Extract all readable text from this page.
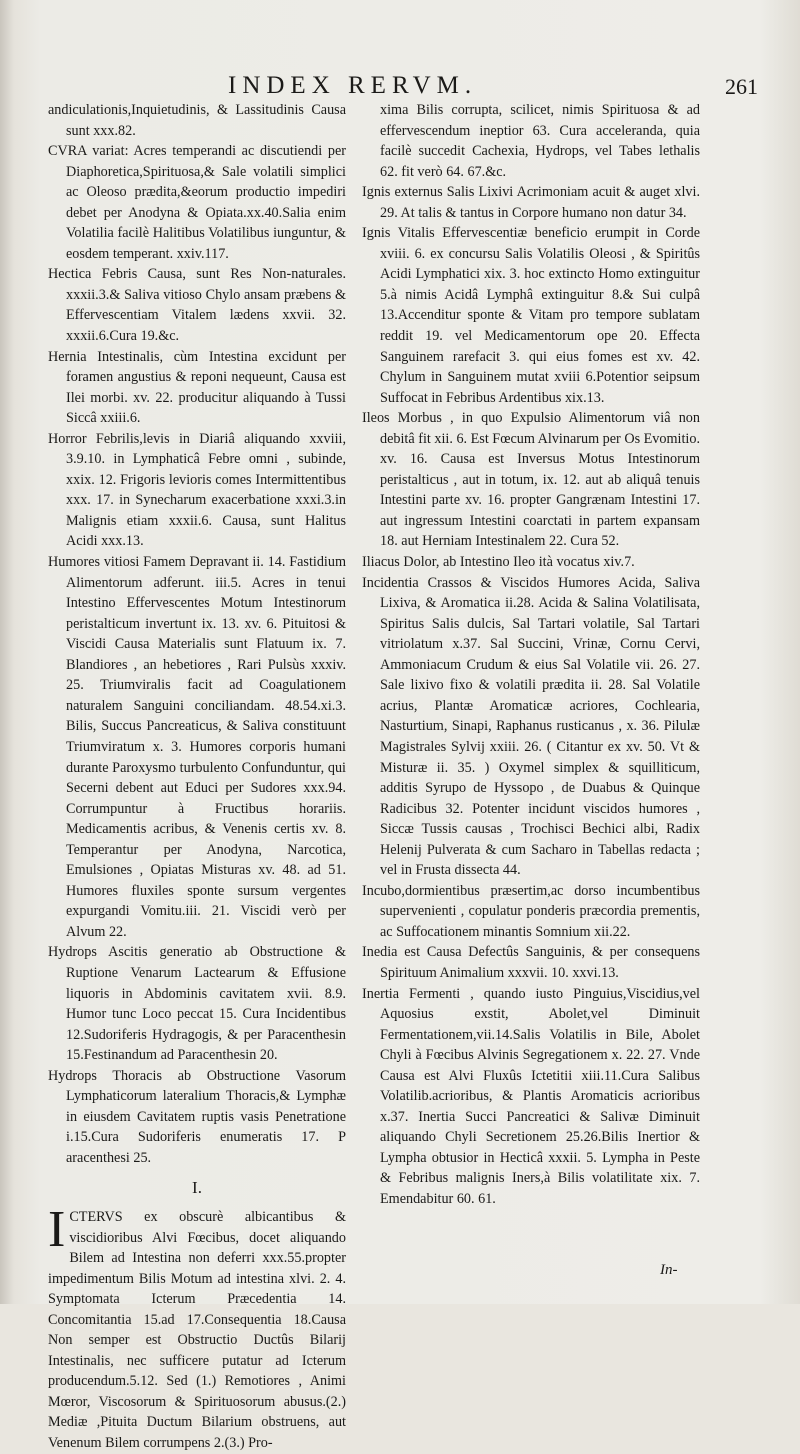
INDEX RERVM.	261

andiculationis,Inquietudinis, & Lassitudinis Causa sunt xxx.82.

CVRA variat: Acres temperandi ac discutiendi per Diaphoretica,Spirituosa,& Sale volatili simplici ac Oleoso prædita,&eorum productio impediri debet per Anodyna & Opiata.xx.40.Salia enim Volatilia facilè Halitibus Volatilibus iunguntur, & eosdem temperant. xxiv.117.

Hectica Febris Causa, sunt Res Non-naturales. xxxii.3.& Saliva vitioso Chylo ansam præbens & Effervescentiam Vitalem lædens xxvii. 32. xxxii.6.Cura 19.&c.

Hernia Intestinalis, cùm Intestina excidunt per foramen angustius & reponi nequeunt, Causa est Ilei morbi. xv. 22. producitur aliquando à Tussi Siccâ xxiii.6.

Horror Febrilis,levis in Diariâ aliquando xxviii, 3.9.10. in Lymphaticâ Febre omni , subinde, xxix. 12. Frigoris levioris comes Intermittentibus xxx. 17. in Synecharum exacerbatione xxxi.3.in Malignis etiam xxxii.6. Causa, sunt Halitus Acidi xxx.13.

Humores vitiosi Famem Depravant ii. 14. Fastidium Alimentorum adferunt. iii.5. Acres in tenui Intestino Effervescentes Motum Intestinorum peristalticum invertunt ix. 13. xv. 6. Pituitosi & Viscidi Causa Materialis sunt Flatuum ix. 7. Blandiores , an hebetiores , Rari Pulsùs xxxiv. 25. Triumviralis facit ad Coagulationem naturalem Sanguini conciliandam. 48.54.xi.3. Bilis, Succus Pancreaticus, & Saliva constituunt Triumviratum x. 3. Humores corporis humani durante Paroxysmo turbulento Confunduntur, qui Secerni debent aut Educi per Sudores xxx.94. Corrumpuntur à Fructibus horariis. Medicamentis acribus, & Venenis certis xv. 8. Temperantur per Anodyna, Narcotica, Emulsiones , Opiatas Misturas xv. 48. ad 51. Humores fluxiles sponte sursum vergentes expurgandi Vomitu.iii. 21. Viscidi verò per Alvum 22.

Hydrops Ascitis generatio ab Obstructione & Ruptione Venarum Lactearum & Effusione liquoris in Abdominis cavitatem xvii. 8.9. Humor tunc Loco peccat 15. Cura Incidentibus 12.Sudoriferis Hydragogis, & per Paracenthesin 15.Festinandum ad Paracenthesin 20.

Hydrops Thoracis ab Obstructione Vasorum Lymphaticorum lateralium Thoracis,& Lymphæ in eiusdem Cavitatem ruptis vasis Penetratione i.15.Cura Sudoriferis enumeratis 17. P aracenthesi 25.

I.

I CTERVS ex obscurè albicantibus & viscidioribus Alvi Fœcibus, docet aliquando Bilem ad Intestina non deferri xxx.55.propter impedimentum Bilis Motum ad intestina xlvi. 2. 4. Symptomata Icterum Præcedentia 14. Concomitantia 15.ad 17.Consequentia 18.Causa Non semper est Obstructio Ductûs Bilarij Intestinalis, nec sufficere putatur ad Icterum producendum.5.12. Sed (1.) Remotiores , Animi Mœror, Viscosorum & Spirituosorum abusus.(2.) Mediæ ,Pituita Ductum Bilarium obstruens, aut Venenum Bilem corrumpens 2.(3.) Pro-

xima Bilis corrupta, scilicet, nimis Spirituosa & ad effervescendum ineptior 63. Cura acceleranda, quia facilè succedit Cachexia, Hydrops, vel Tabes lethalis 62. fit verò 64. 67.&c.

Ignis externus Salis Lixivi Acrimoniam acuit & auget xlvi. 29. At talis & tantus in Corpore humano non datur 34.

Ignis Vitalis Effervescentiæ beneficio erumpit in Corde xviii. 6. ex concursu Salis Volatilis Oleosi , & Spiritûs Acidi Lymphatici xix. 3. hoc extincto Homo extinguitur 5.à nimis Acidâ Lymphâ extinguitur 8.& Sui culpâ 13.Accenditur sponte & Vitam pro tempore sublatam reddit 19. vel Medicamentorum ope 20. Effecta Sanguinem rarefacit 3. qui eius fomes est xv. 42. Chylum in Sanguinem mutat xviii 6.Potentior seipsum Suffocat in Febribus Ardentibus xix.13.

Ileos Morbus , in quo Expulsio Alimentorum viâ non debitâ fit xii. 6. Est Fœcum Alvinarum per Os Evomitio. xv. 16. Causa est Inversus Motus Intestinorum peristalticus , aut in totum, ix. 12. aut ab aliquâ tenuis Intestini parte xv. 16. propter Gangrænam Intestini 17. aut ingressum Intestini coarctati in partem expansam 18. aut Herniam Intestinalem 22. Cura 52.

Iliacus Dolor, ab Intestino Ileo ità vocatus xiv.7.

Incidentia Crassos & Viscidos Humores Acida, Saliva Lixiva, & Aromatica ii.28. Acida & Salina Volatilisata, Spiritus Salis dulcis, Sal Tartari volatile, Sal Tartari vitriolatum x.37. Sal Succini, Vrinæ, Cornu Cervi, Ammoniacum Crudum & eius Sal Volatile vii. 26. 27. Sale lixivo fixo & volatili prædita ii. 28. Sal Volatile acrius, Plantæ Aromaticæ acriores, Cochlearia, Nasturtium, Sinapi, Raphanus rusticanus , x. 36. Pilulæ Magistrales Sylvij xxiii. 26. ( Citantur ex xv. 50. Vt & Misturæ ii. 35. ) Oxymel simplex & squilliticum, additis Syrupo de Hyssopo , de Duabus & Quinque Radicibus 32. Potenter incidunt viscidos humores , Siccæ Tussis causas , Trochisci Bechici albi, Radix Helenij Pulverata & cum Sacharo in Tabellas redacta ; vel in Frusta dissecta 44.

Incubo,dormientibus præsertim,ac dorso incumbentibus supervenienti , copulatur ponderis præcordia prementis, ac Suffocationem minantis Somnium xii.22.

Inedia est Causa Defectûs Sanguinis, & per consequens Spirituum Animalium xxxvii. 10. xxvi.13.

Inertia Fermenti , quando iusto Pinguius,Viscidius,vel Aquosius exstit, Abolet,vel Diminuit Fermentationem,vii.14.Salis Volatilis in Bile, Abolet Chyli à Fœcibus Alvinis Segregationem x. 22. 27. Vnde Causa est Alvi Fluxûs Ictetitii xiii.11.Cura Salibus Volatilib.acrioribus, & Plantis Aromaticis acrioribus x.37. Inertia Succi Pancreatici & Salivæ Diminuit aliquando Chyli Secretionem 25.26.Bilis Inertior & Lympha obtusior in Hecticâ xxxii. 5. Lympha in Peste & Febribus malignis Iners,à Bilis volatilitate xix. 7. Emendabitur 60. 61.

In-
